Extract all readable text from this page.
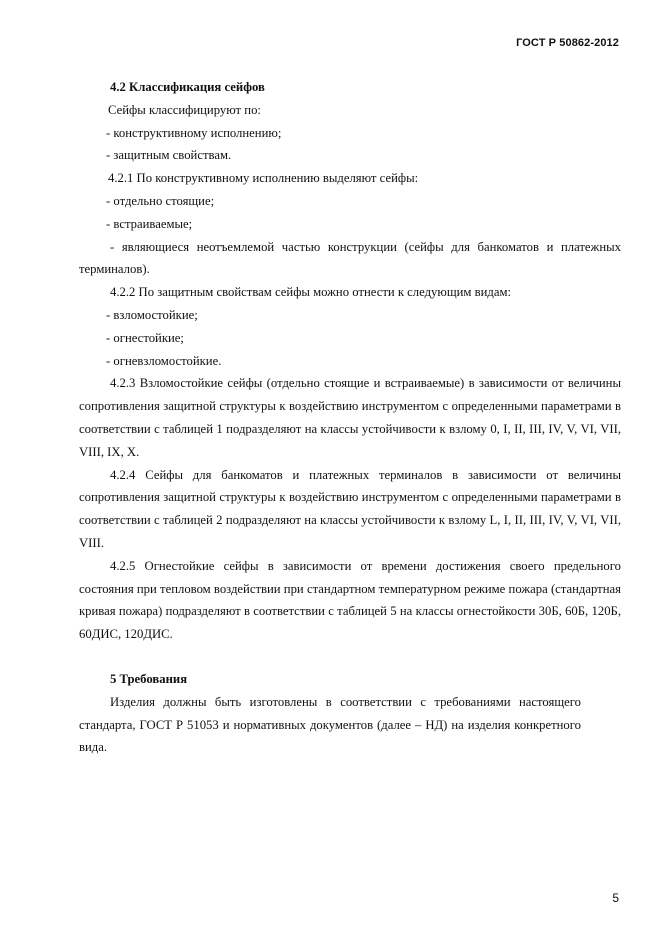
ГОСТ Р 50862-2012

4.2 Классификация сейфов

Сейфы классифицируют по:

- конструктивному исполнению;

- защитным свойствам.

4.2.1 По конструктивному исполнению выделяют сейфы:

- отдельно стоящие;

- встраиваемые;

- являющиеся неотъемлемой частью конструкции (сейфы для банкоматов и платежных терминалов).

4.2.2 По защитным свойствам сейфы можно отнести к следующим видам:

- взломостойкие;

- огнестойкие;

- огневзломостойкие.

4.2.3 Взломостойкие сейфы (отдельно стоящие и встраиваемые) в зависимости от величины сопротивления защитной структуры к воздействию инструментом с определенными параметрами в соответствии с таблицей 1 подразделяют на классы устойчивости к взлому 0, I, II, III, IV, V, VI, VII, VIII, IX, X.

4.2.4 Сейфы для банкоматов и платежных терминалов в зависимости от величины сопротивления защитной структуры к воздействию инструментом с определенными параметрами в соответствии с таблицей 2 подразделяют на классы устойчивости к взлому L, I, II, III, IV, V, VI, VII, VIII.

4.2.5 Огнестойкие сейфы в зависимости от времени достижения своего предельного состояния при тепловом воздействии при стандартном температурном режиме пожара (стандартная кривая пожара) подразделяют в соответствии с таблицей 5 на классы огнестойкости 30Б, 60Б, 120Б, 60ДИС, 120ДИС.

5 Требования

Изделия должны быть изготовлены в соответствии с требованиями настоящего стандарта, ГОСТ Р 51053 и нормативных документов (далее – НД) на изделия конкретного вида.

5
